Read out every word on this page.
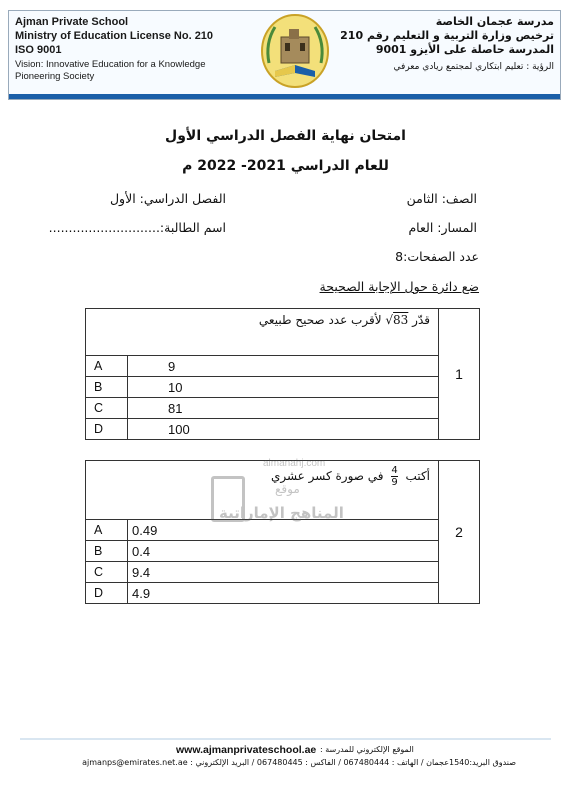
Ajman Private School
Ministry of Education License No. 210
ISO 9001
Vision: Innovative Education for a Knowledge Pioneering Society
مدرسة عجمان الخاصة
ترخيص وزارة التربية و التعليم رقم 210
المدرسة حاصلة على الأيزو 9001
الرؤية : تعليم ابتكاري لمجتمع ريادي معرفي
امتحان نهاية الفصل الدراسي الأول
للعام الدراسي 2021- 2022 م
الصف: الثامن
الفصل الدراسي: الأول
المسار: العام
اسم الطالبة:............................
عدد الصفحات:8
ضع دائرة حول الإجابة الصحيحة
قدّر √83 لأقرب عدد صحيح طبيعي		1
A	9	
B	10	
C	81	
D	100	
أكتب
$\frac{4}{9}$
في صورة كسر عشري		2
A	0.49	
B	0.4	
C	9.4	
D	4.9	
almanahj.com
موقع
المناهج الإماراتية
www.ajmanprivateschool.ae الموقع الإلكتروني للمدرسة :
صندوق البريد:1540عجمان / الهاتف : 067480444 / الفاكس : 067480445 / البريد الإلكتروني : ajmanps@emirates.net.ae
